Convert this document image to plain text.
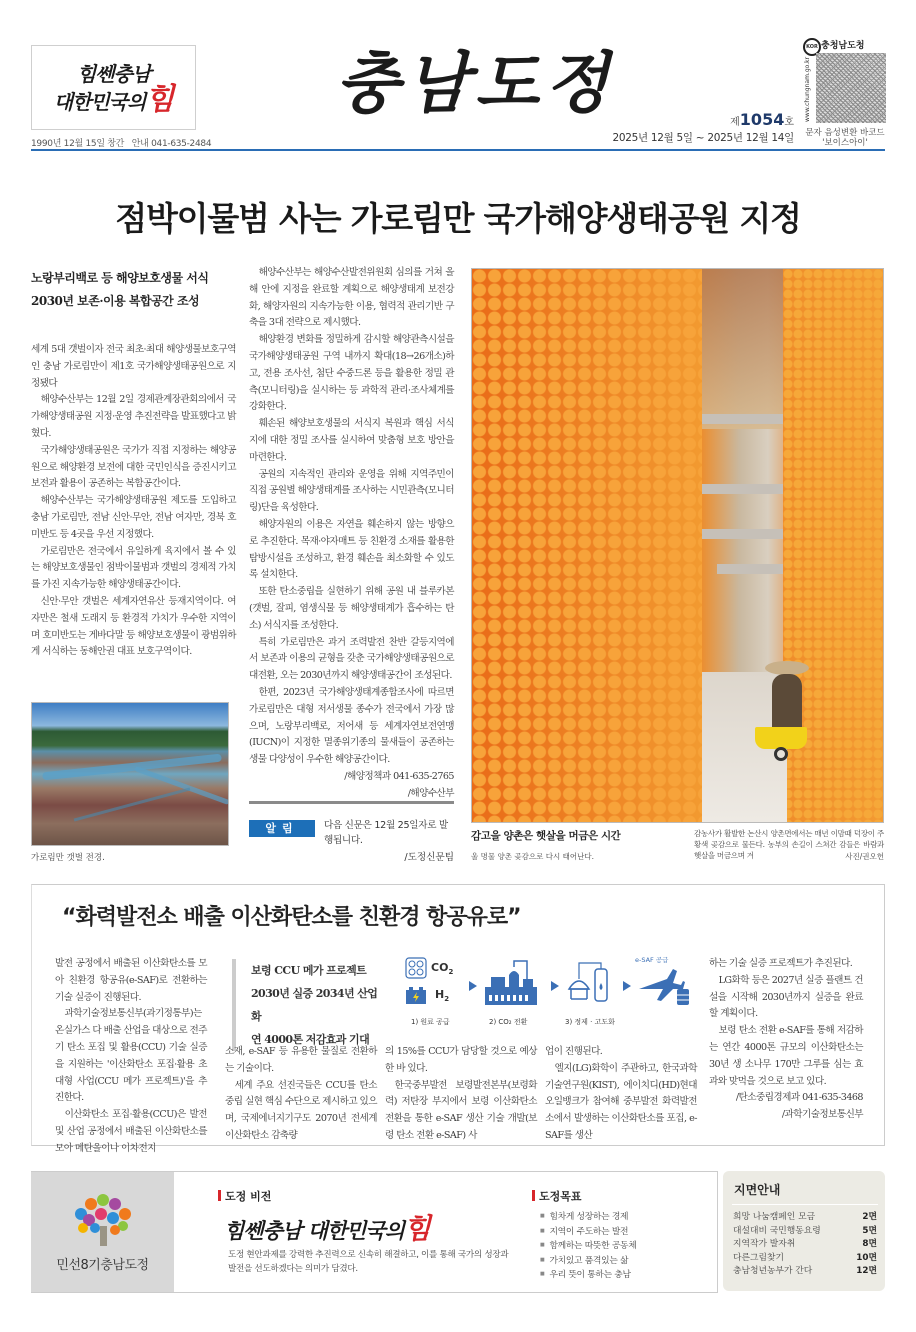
힘쎈충남
대한민국의힘
1990년 12월 15일 창간 안내 041-635-2484
충남도정
제1054호
2025년 12월 5일 ~ 2025년 12월 14일
KOR 충청남도청
www.chungnam.go.kr
문자 음성변환 바코드
'보이스아이'
점박이물범 사는 가로림만 국가해양생태공원 지정
노랑부리백로 등 해양보호생물 서식
2030년 보존·이용 복합공간 조성

세계 5대 갯벌이자 전국 최초·최대 해양생물보호구역인 충남 가로림만이 제1호 국가해양생태공원으로 지정됐다

해양수산부는 12월 2일 경제관계장관회의에서 국가해양생태공원 지정·운영 추진전략을 발표했다고 밝혔다.

국가해양생태공원은 국가가 직접 지정하는 해양공원으로 해양환경 보전에 대한 국민인식을 증진시키고 보전과 활용이 공존하는 복합공간이다.

해양수산부는 국가해양생태공원 제도를 도입하고 충남 가로림만, 전남 신안·무안, 전남 여자만, 경북 호미반도 등 4곳을 우선 지정했다.

가로림만은 전국에서 유일하게 육지에서 볼 수 있는 해양보호생물인 점박이물범과 갯벌의 경제적 가치를 가진 지속가능한 해양생태공간이다.

신안·무안 갯벌은 세계자연유산 등재지역이다. 여자만은 철새 도래지 등 환경적 가치가 우수한 지역이며 호미반도는 게바다말 등 해양보호생물이 광범위하게 서식하는 동해안권 대표 보호구역이다.

가로림만 갯벌 전경.

해양수산부는 해양수산발전위원회 심의를 거쳐 올해 안에 지정을 완료할 계획으로 해양생태계 보전강화, 해양자원의 지속가능한 이용, 협력적 관리기반 구축을 3대 전략으로 제시했다.

해양환경 변화를 정밀하게 감시할 해양관측시설을 국가해양생태공원 구역 내까지 확대(18→26개소)하고, 전용 조사선, 첨단 수중드론 등을 활용한 정밀 관측(모니터링)을 실시하는 등 과학적 관리·조사체계를 강화한다.

훼손된 해양보호생물의 서식지 복원과 핵심 서식지에 대한 정밀 조사를 실시하여 맞춤형 보호 방안을 마련한다.

공원의 지속적인 관리와 운영을 위해 지역주민이 직접 공원별 해양생태계를 조사하는 시민관측(모니터링)단을 육성한다.

해양자원의 이용은 자연을 훼손하지 않는 방향으로 추진한다. 목재·야자매트 등 친환경 소재를 활용한 탐방시설을 조성하고, 환경 훼손을 최소화할 수 있도록 설치한다.

또한 탄소중립을 실현하기 위해 공원 내 블루카본(갯벌, 잘피, 염생식물 등 해양생태계가 흡수하는 탄소) 서식지를 조성한다.

특히 가로림만은 과거 조력발전 찬반 갈등지역에서 보존과 이용의 균형을 갖춘 국가해양생태공원으로 대전환, 오는 2030년까지 해양생태공간이 조성된다.

한편, 2023년 국가해양생태계종합조사에 따르면 가로림만은 대형 저서생물 종수가 전국에서 가장 많으며, 노랑부리백로, 저어새 등 세계자연보전연맹(IUCN)이 지정한 멸종위기종의 물새들이 공존하는 생물 다양성이 우수한 해양공간이다.

/해양정책과 041-635-2765

/해양수산부

알림	다음 신문은 12월 25일자로 발행됩니다.
/도정신문팀
감고을 양촌은 햇살을 머금은 시간
울 명물 양촌 곶감으로 다시 태어난다.
감농사가 활발한 논산시 양촌면에서는 매년 이맘때 덕장이 주황색 곶감으로 물든다. 농부의 손길이 스쳐간 감들은 바람과 햇살을 머금으며 겨	사진/권오헌
“화력발전소 배출 이산화탄소를 친환경 항공유로”

발전 공정에서 배출된 이산화탄소를 모아 친환경 항공유(e-SAF)로 전환하는 기술 실증이 진행된다.

과학기술정보통신부(과기정통부)는 온실가스 다 배출 산업을 대상으로 전주기 탄소 포집 및 활용(CCU) 기술 실증을 지원하는 '이산화탄소 포집·활용 초대형 사업(CCU 메가 프로젝트)'을 추진한다.

이산화탄소 포집·활용(CCU)은 발전 및 산업 공정에서 배출된 이산화탄소를 모아 메탄올이나 이차전지

보령 CCU 메가 프로젝트
2030년 실증 2034년 산업화
연 4000톤 저감효과 기대
$CO_2$
$H_2$
1) 원료 공급	2) CO₂ 전환	3) 정제 · 고도화
e-SAF 공급

소재, e-SAF 등 유용한 물질로 전환하는 기술이다.

세계 주요 선진국들은 CCU를 탄소중립 실현 핵심 수단으로 제시하고 있으며, 국제에너지기구도 2070년 전세계 이산화탄소 감축량

의 15%를 CCU가 담당할 것으로 예상한 바 있다.

한국중부발전 보령발전본부(보령화력) 저탄장 부지에서 보령 이산화탄소 전환을 통한 e-SAF 생산 기술 개발(보령 탄소 전환 e-SAF) 사

업이 진행된다.

엘지(LG)화학이 주관하고, 한국과학기술연구원(KIST), 에이치디(HD)현대오일뱅크가 참여해 중부발전 화력발전소에서 발생하는 이산화탄소를 포집, e-SAF를 생산

하는 기술 실증 프로젝트가 추진된다.

LG화학 등은 2027년 실증 플랜트 건설을 시작해 2030년까지 실증을 완료할 계획이다.

보령 탄소 전환 e-SAF를 통해 저감하는 연간 4000톤 규모의 이산화탄소는 30년 생 소나무 170만 그루를 심는 효과와 맞먹을 것으로 보고 있다.

/탄소중립경제과 041-635-3468

/과학기술정보통신부

민선8기충남도정
도정 비전
힘쎈충남 대한민국의힘
도정 현안과제를 강력한 추진력으로 신속히 해결하고, 이를 통해 국가의 성장과 발전을 선도하겠다는 의미가 담겼다.
도정목표
■ 힘차게 성장하는 경제
■ 지역이 주도하는 발전
■ 함께하는 따뜻한 공동체
■ 가치있고 품격있는 삶
■ 우리 뜻이 통하는 충남
지면안내
희망 나눔캠페인 모금	2면
대설대비 국민행동요령	5면
지역작가 발자취	8면
다른그림찾기	10면
충남청년농부가 간다	12면
